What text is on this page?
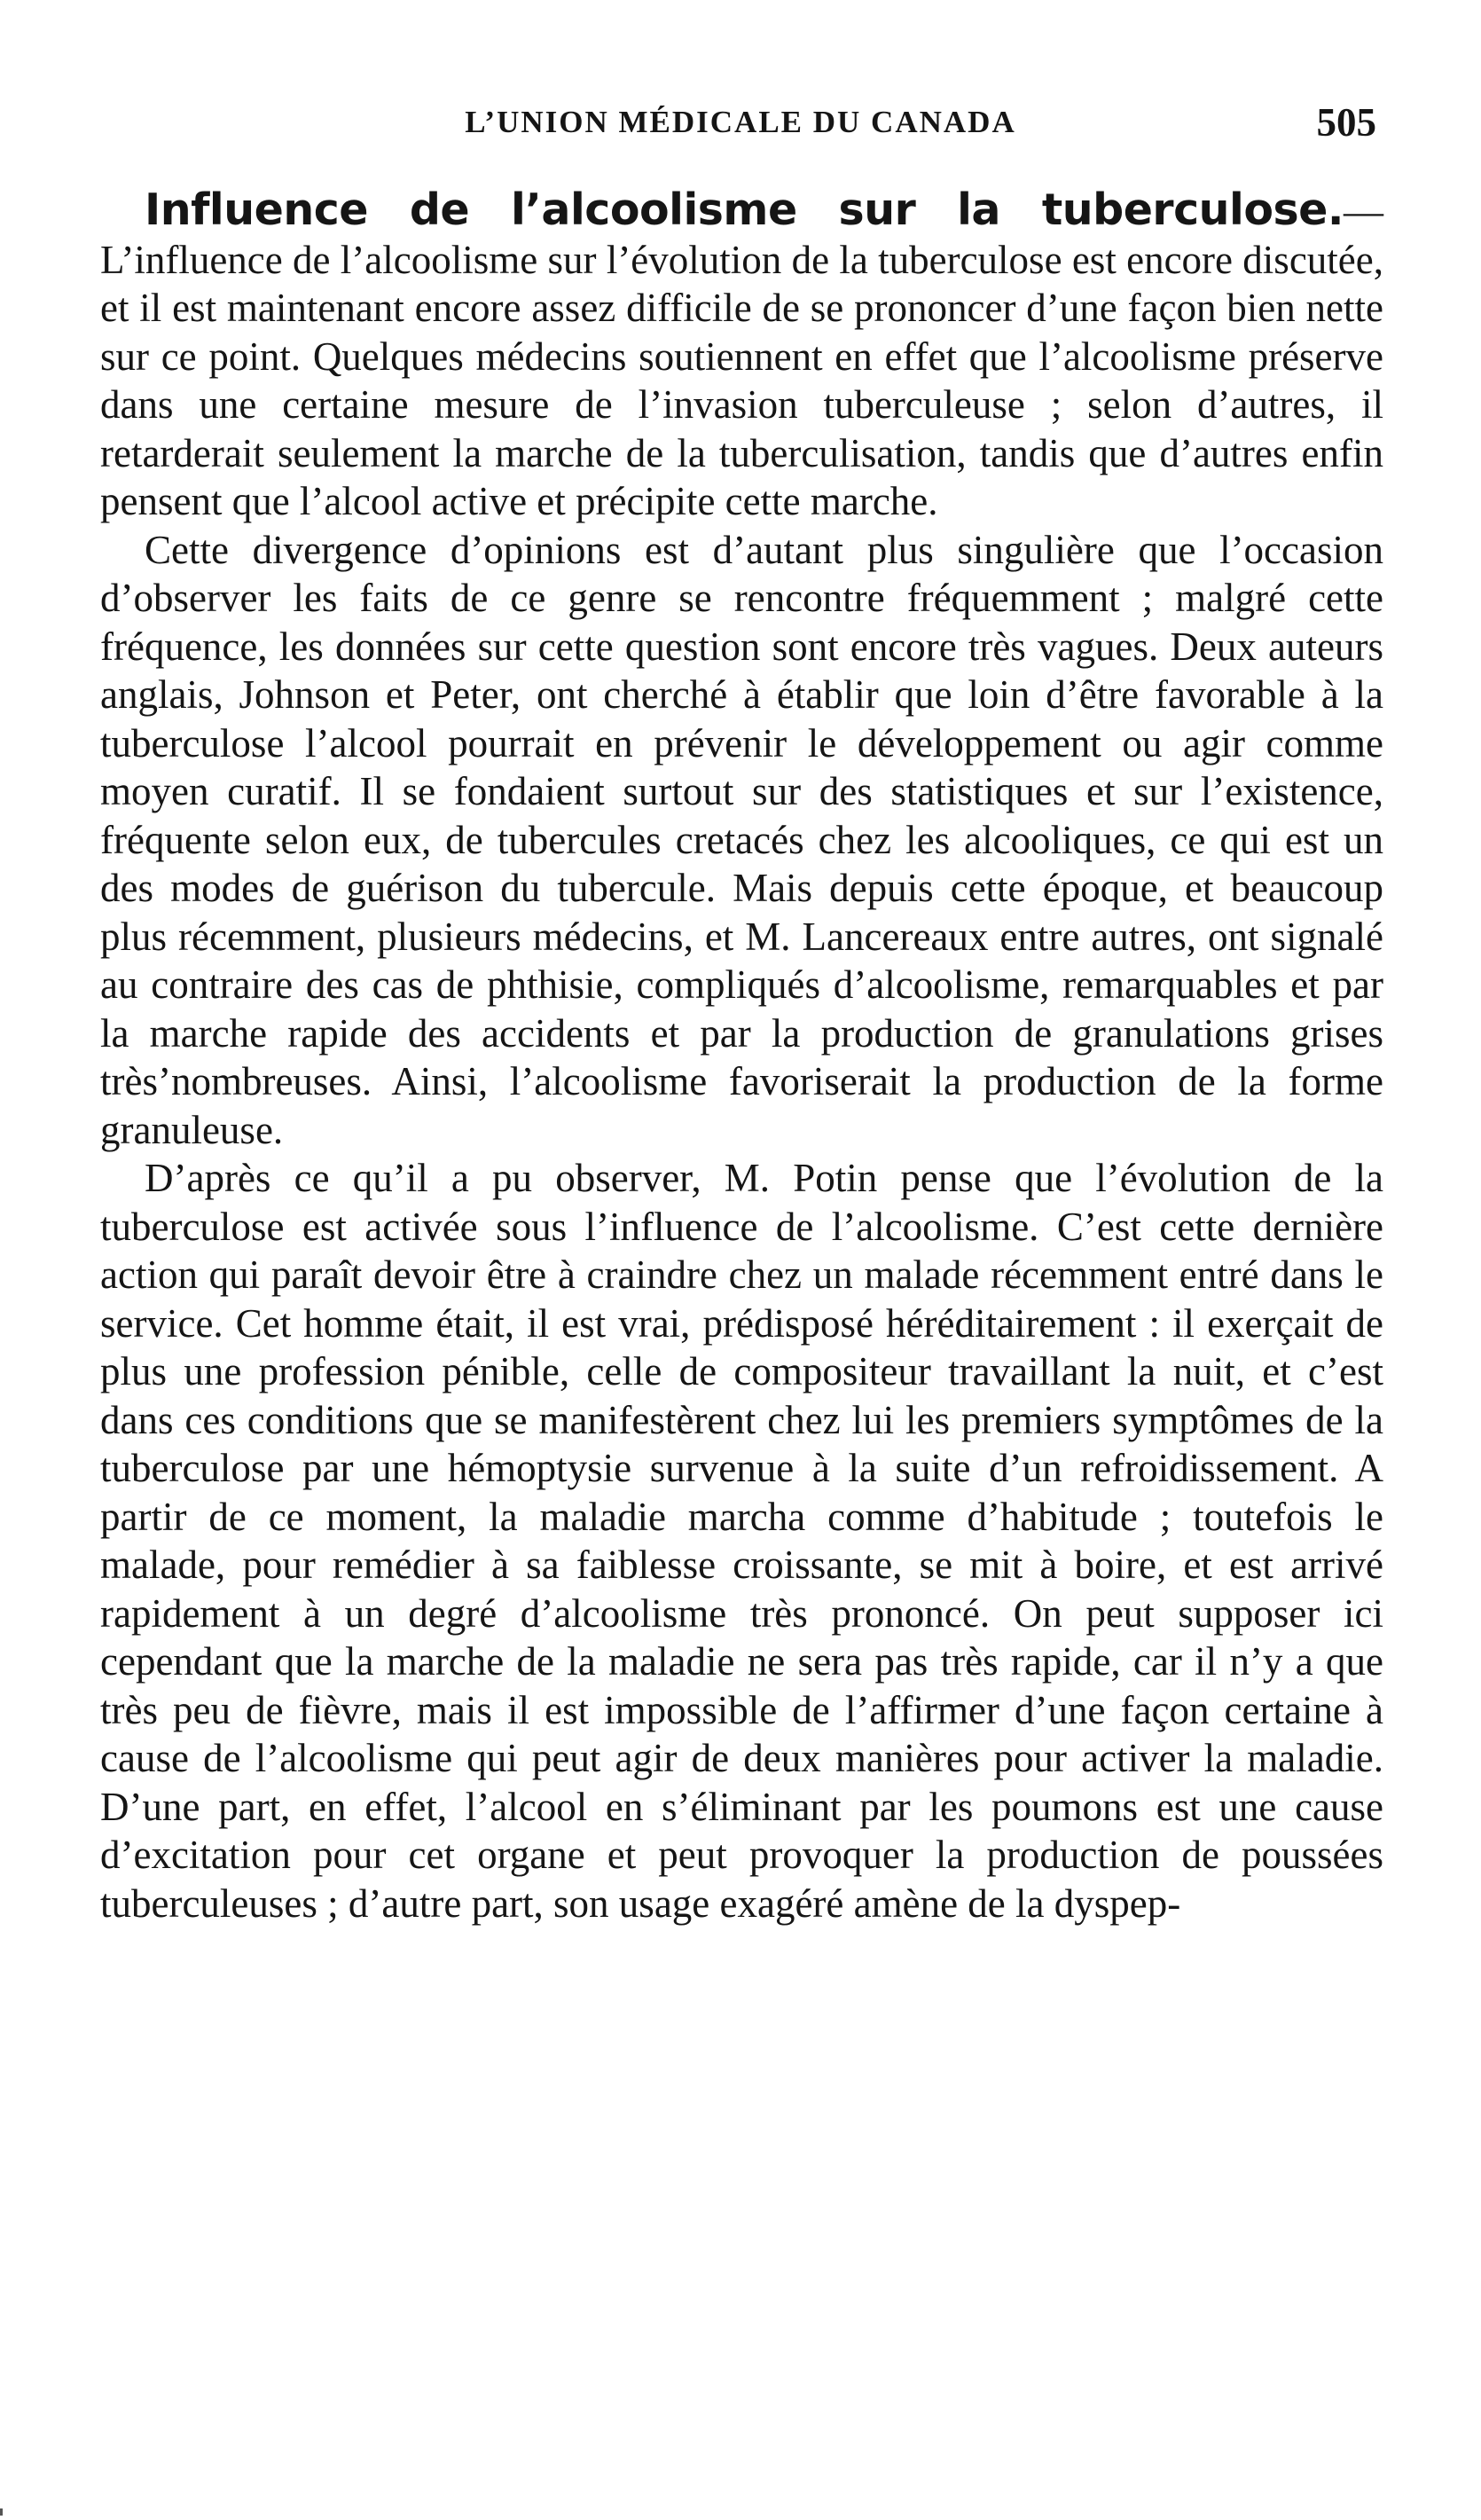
L’UNION MÉDICALE DU CANADA	505

Influence de l’alcoolisme sur la tuberculose.—L’influence de l’alcoolisme sur l’évolution de la tuberculose est encore discutée, et il est maintenant encore assez difficile de se prononcer d’une façon bien nette sur ce point. Quelques médecins soutiennent en effet que l’alcoolisme préserve dans une certaine mesure de l’invasion tuberculeuse ; selon d’autres, il retarderait seulement la marche de la tuberculisation, tandis que d’autres enfin pensent que l’alcool active et précipite cette marche.

Cette divergence d’opinions est d’autant plus singulière que l’occasion d’observer les faits de ce genre se rencontre fréquemment ; malgré cette fréquence, les données sur cette question sont encore très vagues. Deux auteurs anglais, Johnson et Peter, ont cherché à établir que loin d’être favorable à la tuberculose l’alcool pourrait en prévenir le développement ou agir comme moyen curatif. Il se fondaient surtout sur des statistiques et sur l’existence, fréquente selon eux, de tubercules cretacés chez les alcooliques, ce qui est un des modes de guérison du tubercule. Mais depuis cette époque, et beaucoup plus récemment, plusieurs médecins, et M. Lancereaux entre autres, ont signalé au contraire des cas de phthisie, compliqués d’alcoolisme, remarquables et par la marche rapide des accidents et par la production de granulations grises très’nombreuses. Ainsi, l’alcoolisme favoriserait la production de la forme granuleuse.

D’après ce qu’il a pu observer, M. Potin pense que l’évolution de la tuberculose est activée sous l’influence de l’alcoolisme. C’est cette dernière action qui paraît devoir être à craindre chez un malade récemment entré dans le service. Cet homme était, il est vrai, prédisposé héréditairement : il exerçait de plus une profession pénible, celle de compositeur travaillant la nuit, et c’est dans ces conditions que se manifestèrent chez lui les premiers symptômes de la tuberculose par une hémoptysie survenue à la suite d’un refroidissement. A partir de ce moment, la maladie marcha comme d’habitude ; toutefois le malade, pour remédier à sa faiblesse croissante, se mit à boire, et est arrivé rapidement à un degré d’alcoolisme très prononcé. On peut supposer ici cependant que la marche de la maladie ne sera pas très rapide, car il n’y a que très peu de fièvre, mais il est impossible de l’affirmer d’une façon certaine à cause de l’alcoolisme qui peut agir de deux manières pour activer la maladie. D’une part, en effet, l’alcool en s’éliminant par les poumons est une cause d’excitation pour cet organe et peut provoquer la production de poussées tuberculeuses ; d’autre part, son usage exagéré amène de la dyspep-
